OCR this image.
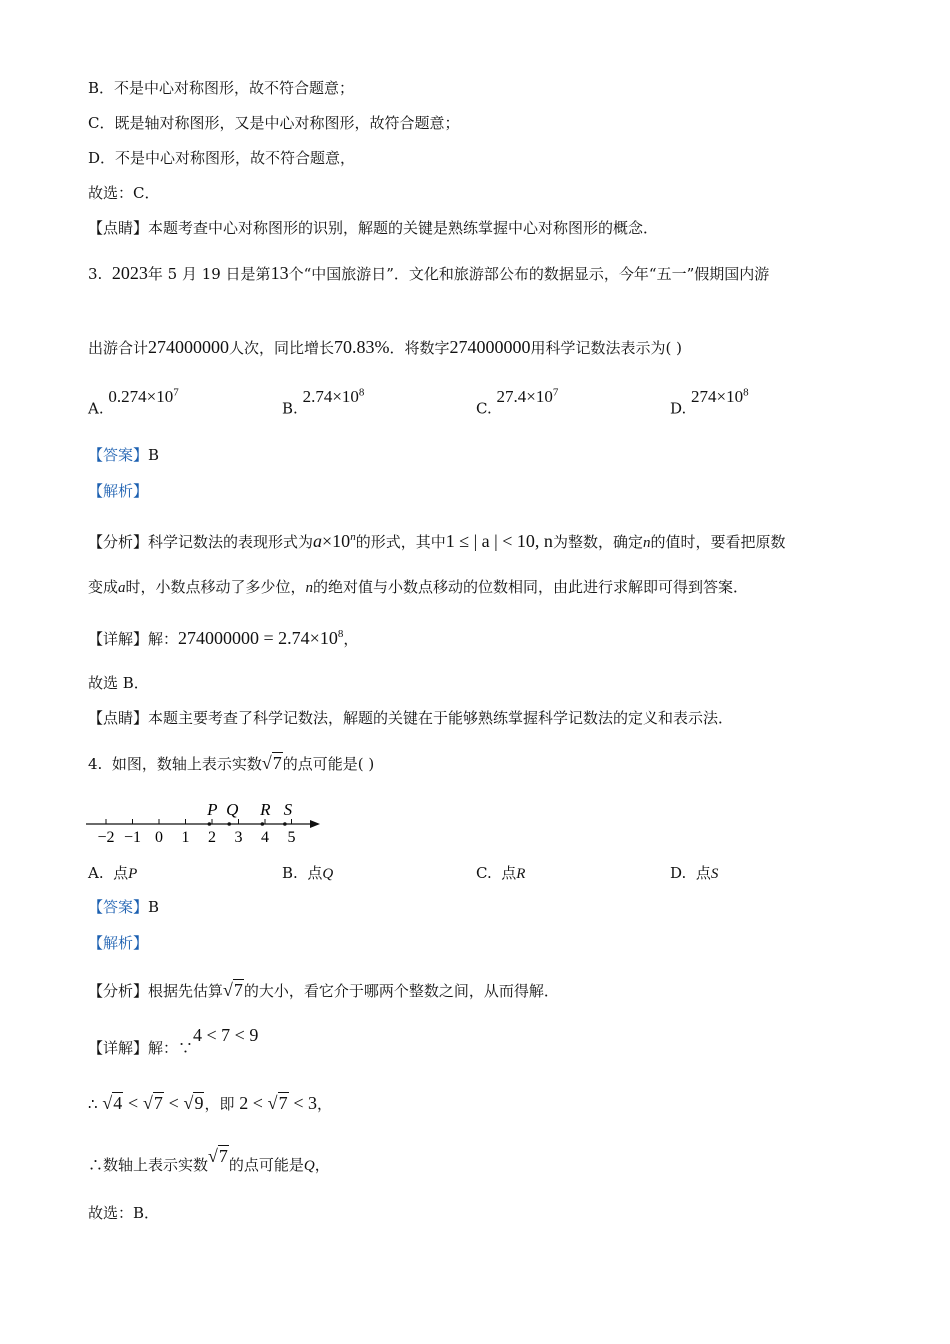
B．不是中心对称图形，故不符合题意；
C．既是轴对称图形，又是中心对称图形，故符合题意；
D．不是中心对称图形，故不符合题意，
故选：C．
【点睛】本题考查中心对称图形的识别，解题的关键是熟练掌握中心对称图形的概念．
3. 2023年 5 月 19 日是第13个“中国旅游日”．文化和旅游部公布的数据显示，今年“五一”假期国内游
出游合计274000000人次，同比增长70.83%．将数字274000000用科学记数法表示为( )
A. $0.274\times 10^7$
B. $2.74\times 10^8$
C. $27.4\times 10^7$
D. $274\times 10^8$
【答案】B
【解析】
【分析】科学记数法的表现形式为$a\times 10^n$的形式，其中1 ≤ | a | < 10, n为整数，确定n的值时，要看把原数
变成a时，小数点移动了多少位，n的绝对值与小数点移动的位数相同，由此进行求解即可得到答案．
【详解】解：$274000000 = 2.74\times 10^8$，
故选 B．
【点睛】本题主要考查了科学记数法，解题的关键在于能够熟练掌握科学记数法的定义和表示法．
4. 如图，数轴上表示实数√7的点可能是( )
−2 −1 0 1 2 3 4 5
P Q R S
A. 点P	B. 点Q	C. 点R	D. 点S
【答案】B
【解析】
【分析】根据先估算√7的大小，看它介于哪两个整数之间，从而得解．
【详解】解：∵4 < 7 < 9
∴ √4 < √7 < √9，即 2 < √7 < 3，
∴数轴上表示实数√7的点可能是Q，
故选：B．
